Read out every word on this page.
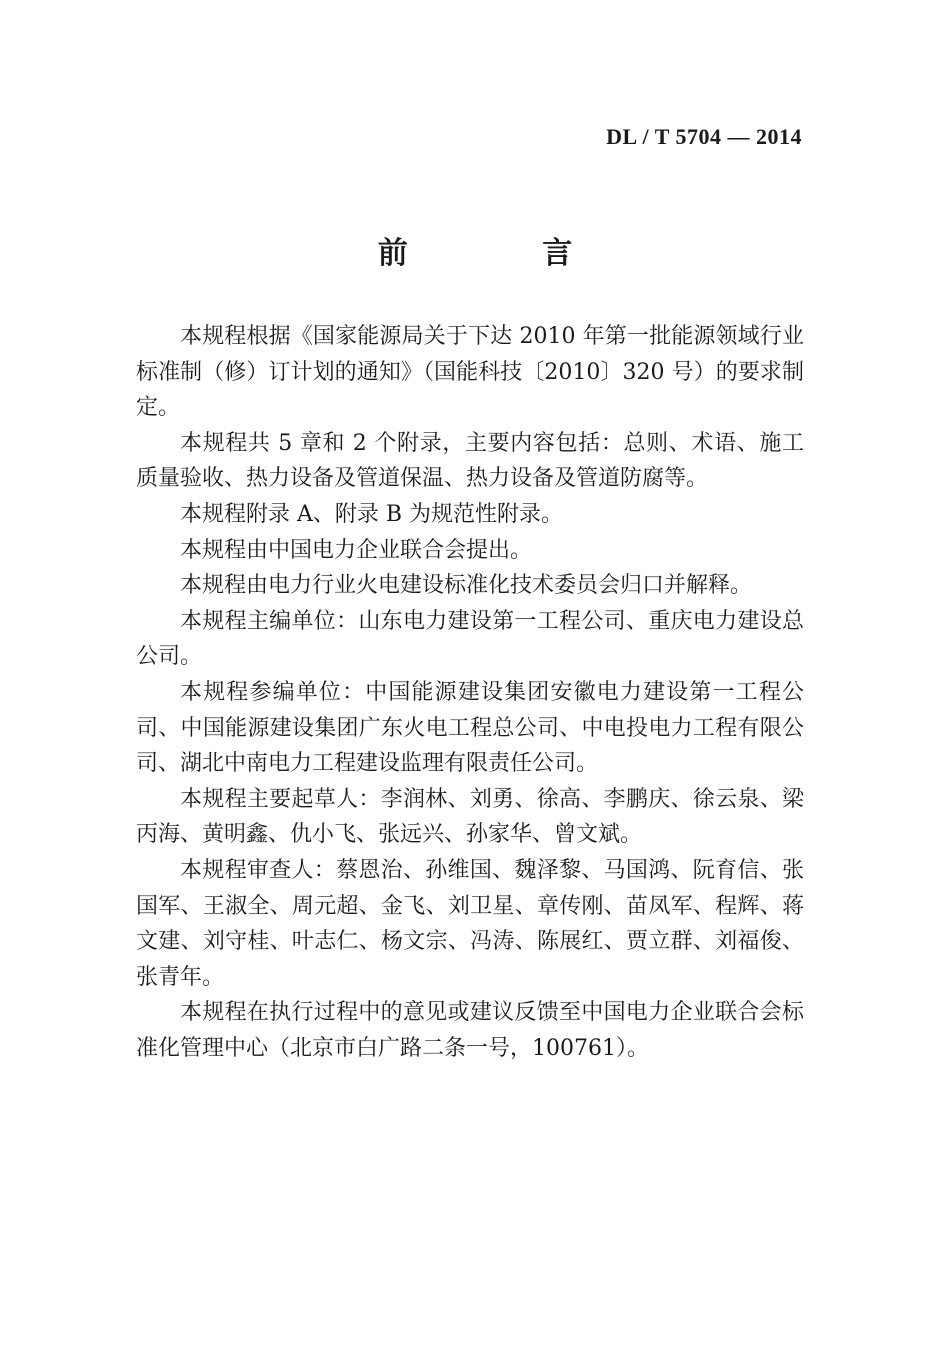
DL / T 5704 — 2014
前 言

本规程根据《国家能源局关于下达 2010 年第一批能源领域行业标准制（修）订计划的通知》（国能科技〔2010〕320 号）的要求制定。

本规程共 5 章和 2 个附录，主要内容包括：总则、术语、施工质量验收、热力设备及管道保温、热力设备及管道防腐等。

本规程附录 A、附录 B 为规范性附录。

本规程由中国电力企业联合会提出。

本规程由电力行业火电建设标准化技术委员会归口并解释。

本规程主编单位：山东电力建设第一工程公司、重庆电力建设总公司。

本规程参编单位：中国能源建设集团安徽电力建设第一工程公司、中国能源建设集团广东火电工程总公司、中电投电力工程有限公司、湖北中南电力工程建设监理有限责任公司。

本规程主要起草人：李润林、刘勇、徐高、李鹏庆、徐云泉、梁丙海、黄明鑫、仇小飞、张远兴、孙家华、曾文斌。

本规程审查人：蔡恩治、孙维国、魏泽黎、马国鸿、阮育信、张国军、王淑全、周元超、金飞、刘卫星、章传刚、苗凤军、程辉、蒋文建、刘守桂、叶志仁、杨文宗、冯涛、陈展红、贾立群、刘福俊、张青年。

本规程在执行过程中的意见或建议反馈至中国电力企业联合会标准化管理中心（北京市白广路二条一号，100761）。
